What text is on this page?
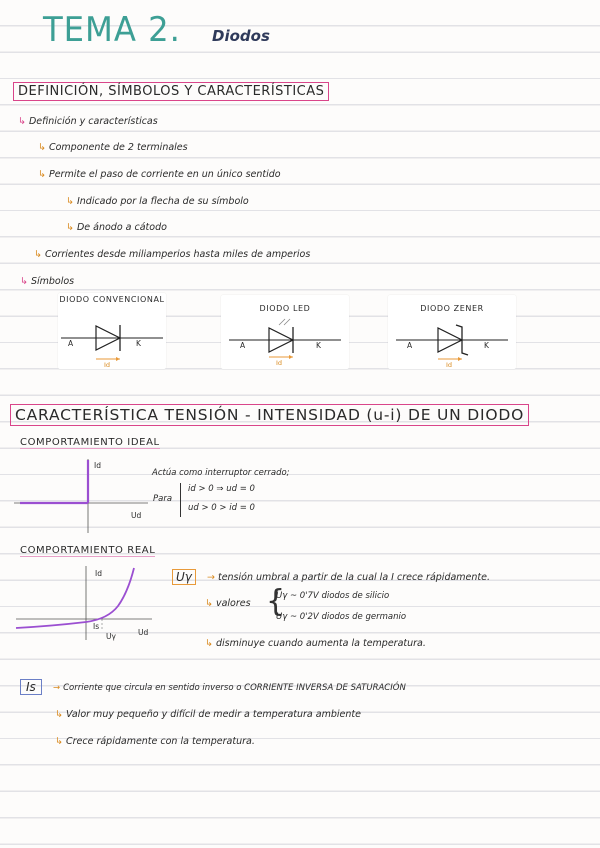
TEMA 2. Diodos
DEFINICIÓN, SÍMBOLOS Y CARACTERÍSTICAS
↳ Definición y características
↳ Componente de 2 terminales
↳ Permite el paso de corriente en un único sentido
↳ Indicado por la flecha de su símbolo
↳ De ánodo a cátodo
↳ Corrientes desde miliamperios hasta miles de amperios
↳ Símbolos
DIODO CONVENCIONAL
A	K
Id
DIODO LED
A	K
Id
DIODO ZENER
A	K
Id
CARACTERÍSTICA TENSIÓN - INTENSIDAD (u-i) DE UN DIODO
COMPORTAMIENTO IDEAL
Id
Ud
Actúa como interruptor cerrado;
Para
id > 0 ⇒ ud = 0
ud > 0 > id = 0
COMPORTAMIENTO REAL
Id
Ud
Is
Uγ
Uγ	→ tensión umbral a partir de la cual la I crece rápidamente.
↳ valores {
Uγ ~ 0'7V diodos de silicio
Uγ ~ 0'2V diodos de germanio
↳ disminuye cuando aumenta la temperatura.
Is	→ Corriente que circula en sentido inverso o CORRIENTE INVERSA DE SATURACIÓN
↳ Valor muy pequeño y difícil de medir a temperatura ambiente
↳ Crece rápidamente con la temperatura.
